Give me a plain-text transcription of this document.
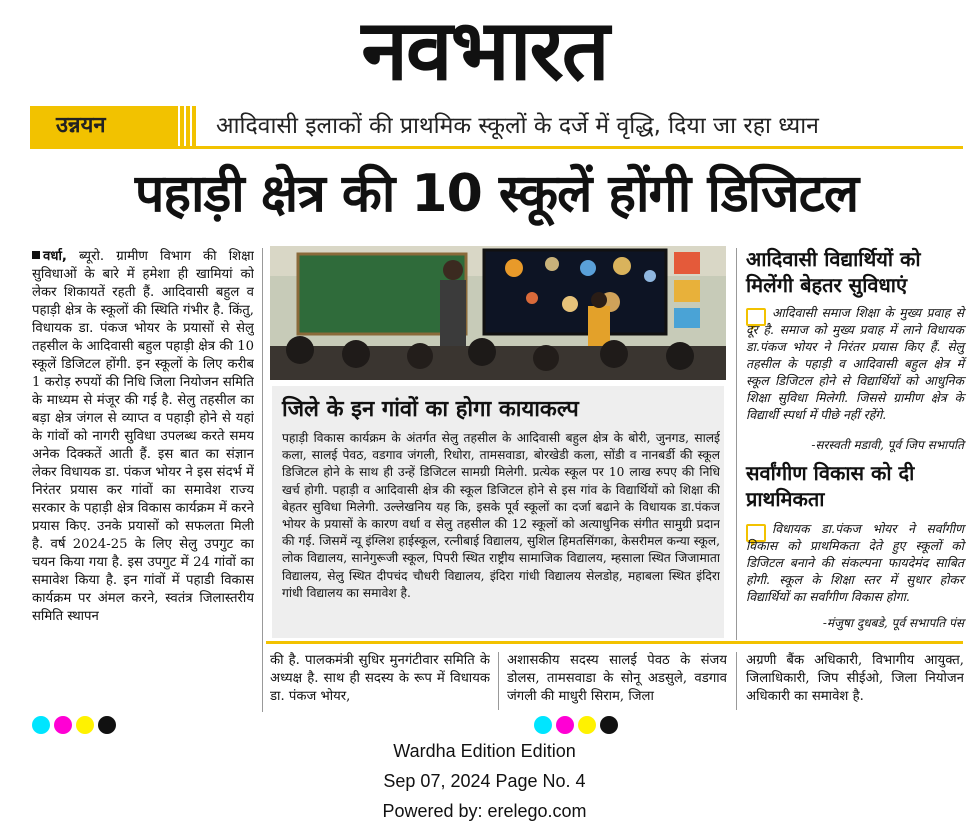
नवभारत
उन्नयन	आदिवासी इलाकों की प्राथमिक स्कूलों के दर्जे में वृद्धि, दिया जा रहा ध्यान
पहाड़ी क्षेत्र की 10 स्कूलें होंगी डिजिटल
वर्धा, ब्यूरो. ग्रामीण विभाग की शिक्षा सुविधाओं के बारे में हमेशा ही खामियां को लेकर शिकायतें रहती हैं. आदिवासी बहुल व पहाड़ी क्षेत्र के स्कूलों की स्थिति गंभीर है. किंतु, विधायक डा. पंकज भोयर के प्रयासों से सेलु तहसील के आदिवासी बहुल पहाड़ी क्षेत्र की 10 स्कूलें डिजिटल होंगी. इन स्कूलों के लिए करीब 1 करोड़ रुपयों की निधि जिला नियोजन समिति के माध्यम से मंजूर की गई है. सेलु तहसील का बड़ा क्षेत्र जंगल से व्याप्त व पहाड़ी होने से यहां के गांवों को नागरी सुविधा उपलब्ध करते समय अनेक दिक्कतें आती हैं. इस बात का संज्ञान लेकर विधायक डा. पंकज भोयर ने इस संदर्भ में निरंतर प्रयास कर गांवों का समावेश राज्य सरकार के पहाड़ी क्षेत्र विकास कार्यक्रम में करने प्रयास किए. उनके प्रयासों को सफलता मिली है. वर्ष 2024-25 के लिए सेलु उपगुट का चयन किया गया है. इस उपगुट में 24 गांवों का समावेश किया है. इन गांवों में पहाडी विकास कार्यक्रम पर अंमल करने, स्वतंत्र जिलास्तरीय समिति स्थापन
जिले के इन गांवों का होगा कायाकल्प
पहाड़ी विकास कार्यक्रम के अंतर्गत सेलु तहसील के आदिवासी बहुल क्षेत्र के बोरी, जुनगड, सालई कला, सालई पेवठ, वडगाव जंगली, रिधोरा, तामसवाडा, बोरखेडी कला, सोंडी व नानबर्डी की स्कूल डिजिटल होने के साथ ही उन्हें डिजिटल सामग्री मिलेगी. प्रत्येक स्कूल पर 10 लाख रुपए की निधि खर्च होगी. पहाड़ी व आदिवासी क्षेत्र की स्कूल डिजिटल होने से इस गांव के विद्यार्थियों को शिक्षा की बेहतर सुविधा मिलेगी. उल्लेखनिय यह कि, इसके पूर्व स्कूलों का दर्जा बढाने के विधायक डा.पंकज भोयर के प्रयासों के कारण वर्धा व सेलु तहसील की 12 स्कूलों को अत्याधुनिक संगीत सामुग्री प्रदान की गई. जिसमें न्यू इंग्लिश हाईस्कूल, रत्नीबाई विद्यालय, सुशिल हिमतसिंगका, केसरीमल कन्या स्कूल, लोक विद्यालय, सानेगुरूजी स्कूल, पिपरी स्थित राष्ट्रीय सामाजिक विद्यालय, म्हसाला स्थित जिजामाता विद्यालय, सेलु स्थित दीपचंद चौधरी विद्यालय, इंदिरा गांधी विद्यालय सेलडोह, महाबला स्थित इंदिरा गांधी विद्यालय का समावेश है.
आदिवासी विद्यार्थियों को मिलेंगी बेहतर सुविधाएं
आदिवासी समाज शिक्षा के मुख्य प्रवाह से दूर है. समाज को मुख्य प्रवाह में लाने विधायक डा.पंकज भोयर ने निरंतर प्रयास किए हैं. सेलु तहसील के पहाड़ी व आदिवासी बहुल क्षेत्र में स्कूल डिजिटल होने से विद्यार्थियों को आधुनिक शिक्षा सुविधा मिलेगी. जिससे ग्रामीण क्षेत्र के विद्यार्थी स्पर्धा में पीछे नहीं रहेंगे.
-सरस्वती मडावी, पूर्व जिप सभापति
सर्वांगीण विकास को दी प्राथमिकता
विधायक डा.पंकज भोयर ने सर्वांगीण विकास को प्राथमिकता देते हुए स्कूलों को डिजिटल बनाने की संकल्पना फायदेमंद साबित होगी. स्कूल के शिक्षा स्तर में सुधार होकर विद्यार्थियों का सर्वांगीण विकास होगा.
-मंजुषा दुधबडे, पूर्व सभापति पंस
की है. पालकमंत्री सुधिर मुनगंटीवार समिति के अध्यक्ष है. साथ ही सदस्य के रूप में विधायक डा. पंकज भोयर,
अशासकीय सदस्य सालई पेवठ के संजय डोलस, तामसवाडा के सोनू अडसुले, वडगाव जंगली की माधुरी सिराम, जिला
अग्रणी बैंक अधिकारी, विभागीय आयुक्त, जिलाधिकारी, जिप सीईओ, जिला नियोजन अधिकारी का समावेश है.
Wardha Edition Edition
Sep 07, 2024 Page No. 4
Powered by: erelego.com
